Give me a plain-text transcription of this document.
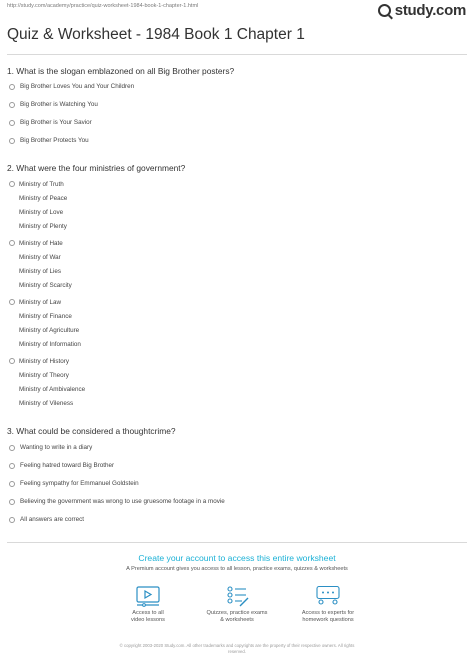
http://study.com/academy/practice/quiz-worksheet-1984-book-1-chapter-1.html	study.com
Quiz & Worksheet - 1984 Book 1 Chapter 1
1. What is the slogan emblazoned on all Big Brother posters?
Big Brother Loves You and Your Children
Big Brother is Watching You
Big Brother is Your Savior
Big Brother Protects You
2. What were the four ministries of government?
Ministry of Truth
Ministry of Peace
Ministry of Love
Ministry of Plenty
Ministry of Hate
Ministry of War
Ministry of Lies
Ministry of Scarcity
Ministry of Law
Ministry of Finance
Ministry of Agriculture
Ministry of Information
Ministry of History
Ministry of Theory
Ministry of Ambivalence
Ministry of Vileness
3. What could be considered a thoughtcrime?
Wanting to write in a diary
Feeling hatred toward Big Brother
Feeling sympathy for Emmanuel Goldstein
Believing the government was wrong to use gruesome footage in a movie
All answers are correct
Create your account to access this entire worksheet
A Premium account gives you access to all lesson, practice exams, quizzes & worksheets
Access to all
video lessons
Quizzes, practice exams
& worksheets
Access to experts for
homework questions
© copyright 2003-2020 Study.com. All other trademarks and copyrights are the property of their respective owners. All rights
reserved.
